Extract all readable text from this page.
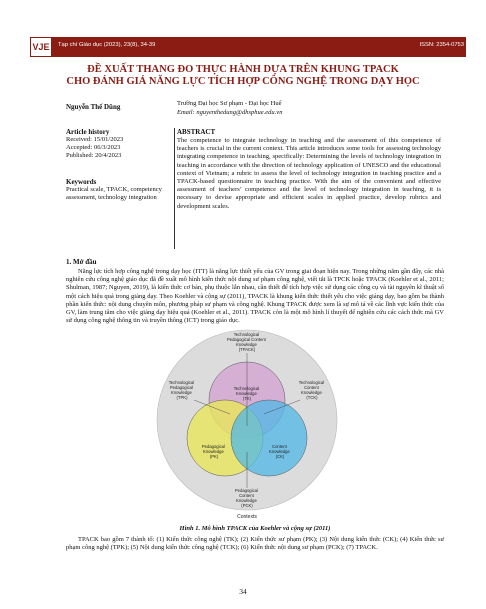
VJE	Tạp chí Giáo dục (2023), 23(8), 34-39	ISSN: 2354-0753
ĐỀ XUẤT THANG ĐO THỰC HÀNH DỰA TRÊN KHUNG TPACK
CHO ĐÁNH GIÁ NĂNG LỰC TÍCH HỢP CÔNG NGHỆ TRONG DẠY HỌC
Nguyễn Thế Dũng	Trường Đại học Sư phạm - Đại học Huế
Email: nguyenthedung@dhsphue.edu.vn
Article history
Received: 15/01/2023
Accepted: 06/3/2023
Published: 20/4/2023
Keywords
Practical scale, TPACK, competency assessment, technology integration
ABSTRACT
The competence to integrate technology in teaching and the assessment of this competence of teachers is crucial in the current context. This article introduces some tools for assessing technology integrating competence in teaching, specifically: Determining the levels of technology integration in teaching in accordance with the direction of technology application of UNESCO and the educational context of Vietnam; a rubric to assess the level of technology integration in teaching practice and a TPACK-based questionnaire in teaching practice. With the aim of the convenient and effective assessment of teachers’ competence and the level of technology integration in teaching, it is necessary to devise appropriate and efficient scales in applied practice, develop rubrics and development scales.
1. Mở đầu
Năng lực tích hợp công nghệ trong dạy học (ITT) là năng lực thiết yếu của GV trong giai đoạn hiện nay. Trong những năm gần đây, các nhà nghiên cứu công nghệ giáo dục đã đề xuất mô hình kiến thức nội dung sư phạm công nghệ, viết tắt là TPCK hoặc TPACK (Koehler et al., 2011; Shulman, 1987; Nguyen, 2019), là kiến thức cơ bản, phụ thuộc lẫn nhau, cần thiết để tích hợp việc sử dụng các công cụ và tài nguyên kĩ thuật số một cách hiệu quả trong giảng dạy. Theo Koehler và cộng sự (2011), TPACK là khung kiến thức thiết yếu cho việc giảng dạy, bao gồm ba thành phần kiến thức: nội dung chuyên môn, phương pháp sư phạm và công nghệ. Khung TPACK được xem là sự mô tả về các lĩnh vực kiến thức của GV, làm trung tâm cho việc giảng dạy hiệu quả (Koehler et al., 2011). TPACK còn là một mô hình lí thuyết để nghiên cứu các cách thức mà GV sử dụng công nghệ thông tin và truyền thông (ICT) trong giáo dục.
Technological Pedagogical Content Knowledge (TPACK)
Technological Knowledge (TK)
Technological Pedagogical Knowledge (TPK)
Technological Content Knowledge (TCK)
Pedagogical Knowledge (PK)
Content Knowledge (CK)
Pedagogical Content Knowledge (PCK)
Contexts
Hình 1. Mô hình TPACK của Koehler và cộng sự (2011)
TPACK bao gồm 7 thành tố: (1) Kiến thức công nghệ (TK); (2) Kiến thức sư phạm (PK); (3) Nội dung kiến thức (CK); (4) Kiến thức sư phạm công nghệ (TPK); (5) Nội dung kiến thức công nghệ (TCK); (6) Kiến thức nội dung sư phạm (PCK); (7) TPACK.
34
